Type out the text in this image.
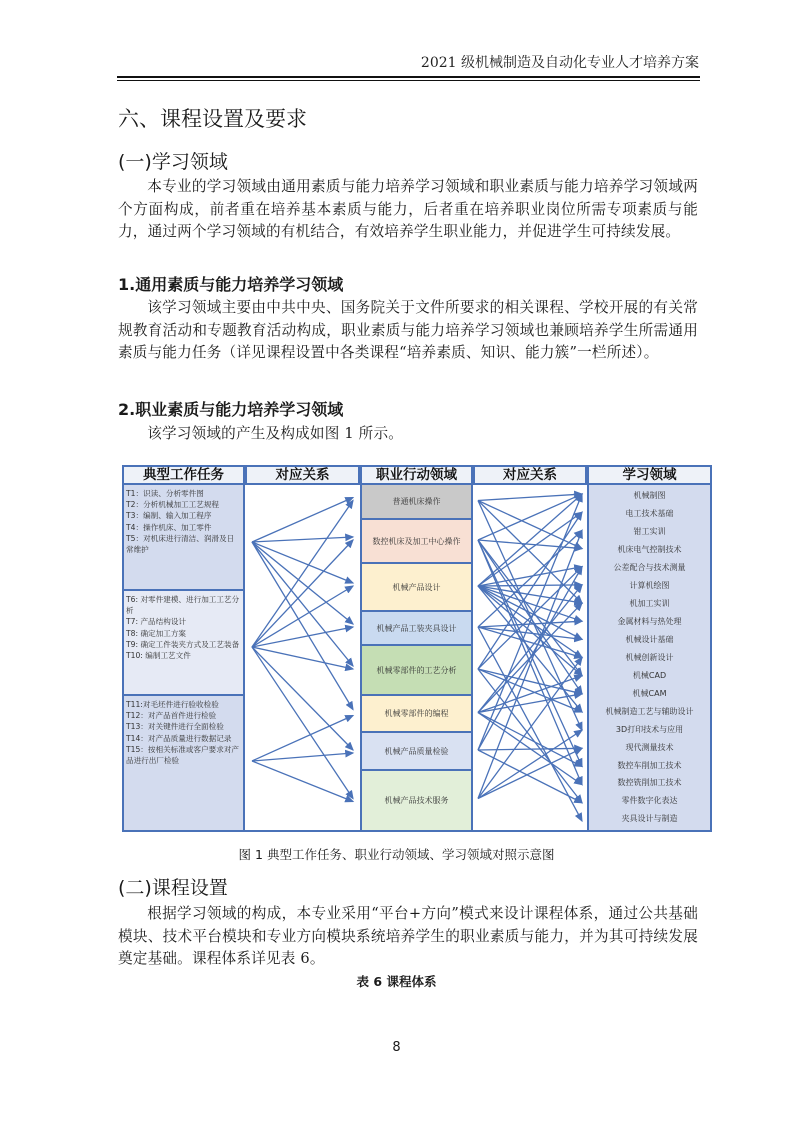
2021 级机械制造及自动化专业人才培养方案
六、课程设置及要求
(一)学习领域
本专业的学习领域由通用素质与能力培养学习领域和职业素质与能力培养学习领域两个方面构成，前者重在培养基本素质与能力，后者重在培养职业岗位所需专项素质与能力，通过两个学习领域的有机结合，有效培养学生职业能力，并促进学生可持续发展。
1.通用素质与能力培养学习领域
该学习领域主要由中共中央、国务院关于文件所要求的相关课程、学校开展的有关常规教育活动和专题教育活动构成，职业素质与能力培养学习领域也兼顾培养学生所需通用素质与能力任务（详见课程设置中各类课程“培养素质、知识、能力簇”一栏所述）。
2.职业素质与能力培养学习领域
该学习领域的产生及构成如图 1 所示。
典型工作任务	对应关系	职业行动领域	对应关系	学习领域
T1：识读、分析零件图
T2：分析机械加工工艺规程
T3：编制、输入加工程序
T4：操作机床、加工零件
T5：对机床进行清洁、润滑及日常维护
T6: 对零件建模、进行加工工艺分析
T7: 产品结构设计
T8: 确定加工方案
T9: 确定工件装夹方式及工艺装备
T10: 编制工艺文件
T11:对毛坯件进行验收检验
T12：对产品首件进行检验
T13：对关键件进行全面检验
T14：对产品质量进行数据记录
T15：按相关标准或客户要求对产品进行出厂检验
普通机床操作
数控机床及加工中心操作
机械产品设计
机械产品工装夹具设计
机械零部件的工艺分析
机械零部件的编程
机械产品质量检验
机械产品技术服务
机械制图
电工技术基础
钳工实训
机床电气控制技术
公差配合与技术测量
计算机绘图
机加工实训
金属材料与热处理
机械设计基础
机械创新设计
机械CAD
机械CAM
机械制造工艺与辅助设计
3D打印技术与应用
现代测量技术
数控车削加工技术
数控铣削加工技术
零件数字化表达
夹具设计与制造
图 1 典型工作任务、职业行动领域、学习领域对照示意图
(二)课程设置
根据学习领域的构成，本专业采用“平台+方向”模式来设计课程体系，通过公共基础模块、技术平台模块和专业方向模块系统培养学生的职业素质与能力，并为其可持续发展奠定基础。课程体系详见表 6。
表 6 课程体系
8
